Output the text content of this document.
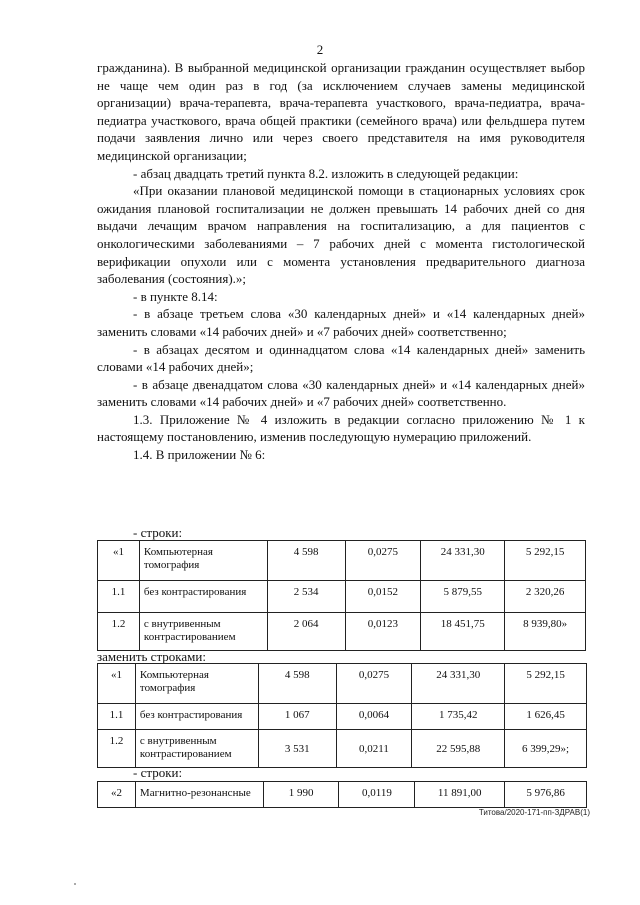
2

гражданина). В выбранной медицинской организации гражданин осуществляет выбор не чаще чем один раз в год (за исключением случаев замены медицинской организации) врача-терапевта, врача-терапевта участкового, врача-педиатра, врача-педиатра участкового, врача общей практики (семейного врача) или фельдшера путем подачи заявления лично или через своего представителя на имя руководителя медицинской организации;

- абзац двадцать третий пункта 8.2. изложить в следующей редакции:

«При оказании плановой медицинской помощи в стационарных условиях срок ожидания плановой госпитализации не должен превышать 14 рабочих дней со дня выдачи лечащим врачом направления на госпитализацию, а для пациентов с онкологическими заболеваниями – 7 рабочих дней с момента гистологической верификации опухоли или с момента установления предварительного диагноза заболевания (состояния).»;

- в пункте 8.14:

- в абзаце третьем слова «30 календарных дней» и «14 календарных дней» заменить словами «14 рабочих дней» и «7 рабочих дней» соответственно;

- в абзацах десятом и одиннадцатом слова «14 календарных дней» заменить словами «14 рабочих дней»;

- в абзаце двенадцатом слова «30 календарных дней» и «14 календарных дней» заменить словами «14 рабочих дней» и «7 рабочих дней» соответственно.

1.3. Приложение № 4 изложить в редакции согласно приложению № 1 к настоящему постановлению, изменив последующую нумерацию приложений.

1.4. В приложении № 6:

- строки:
«1	Компьютерная томография	4 598	0,0275	24 331,30	5 292,15
1.1	без контрастирования	2 534	0,0152	5 879,55	2 320,26
1.2	с внутривенным контрастированием	2 064	0,0123	18 451,75	8 939,80»
заменить строками:
«1	Компьютерная томография	4 598	0,0275	24 331,30	5 292,15
1.1	без контрастирования	1 067	0,0064	1 735,42	1 626,45
1.2	с внутривенным контрастированием	3 531	0,0211	22 595,88	6 399,29»;
- строки:
«2	Магнитно-резонансные	1 990	0,0119	11 891,00	5 976,86
Титова/2020-171-пп-ЗДРАВ(1)
